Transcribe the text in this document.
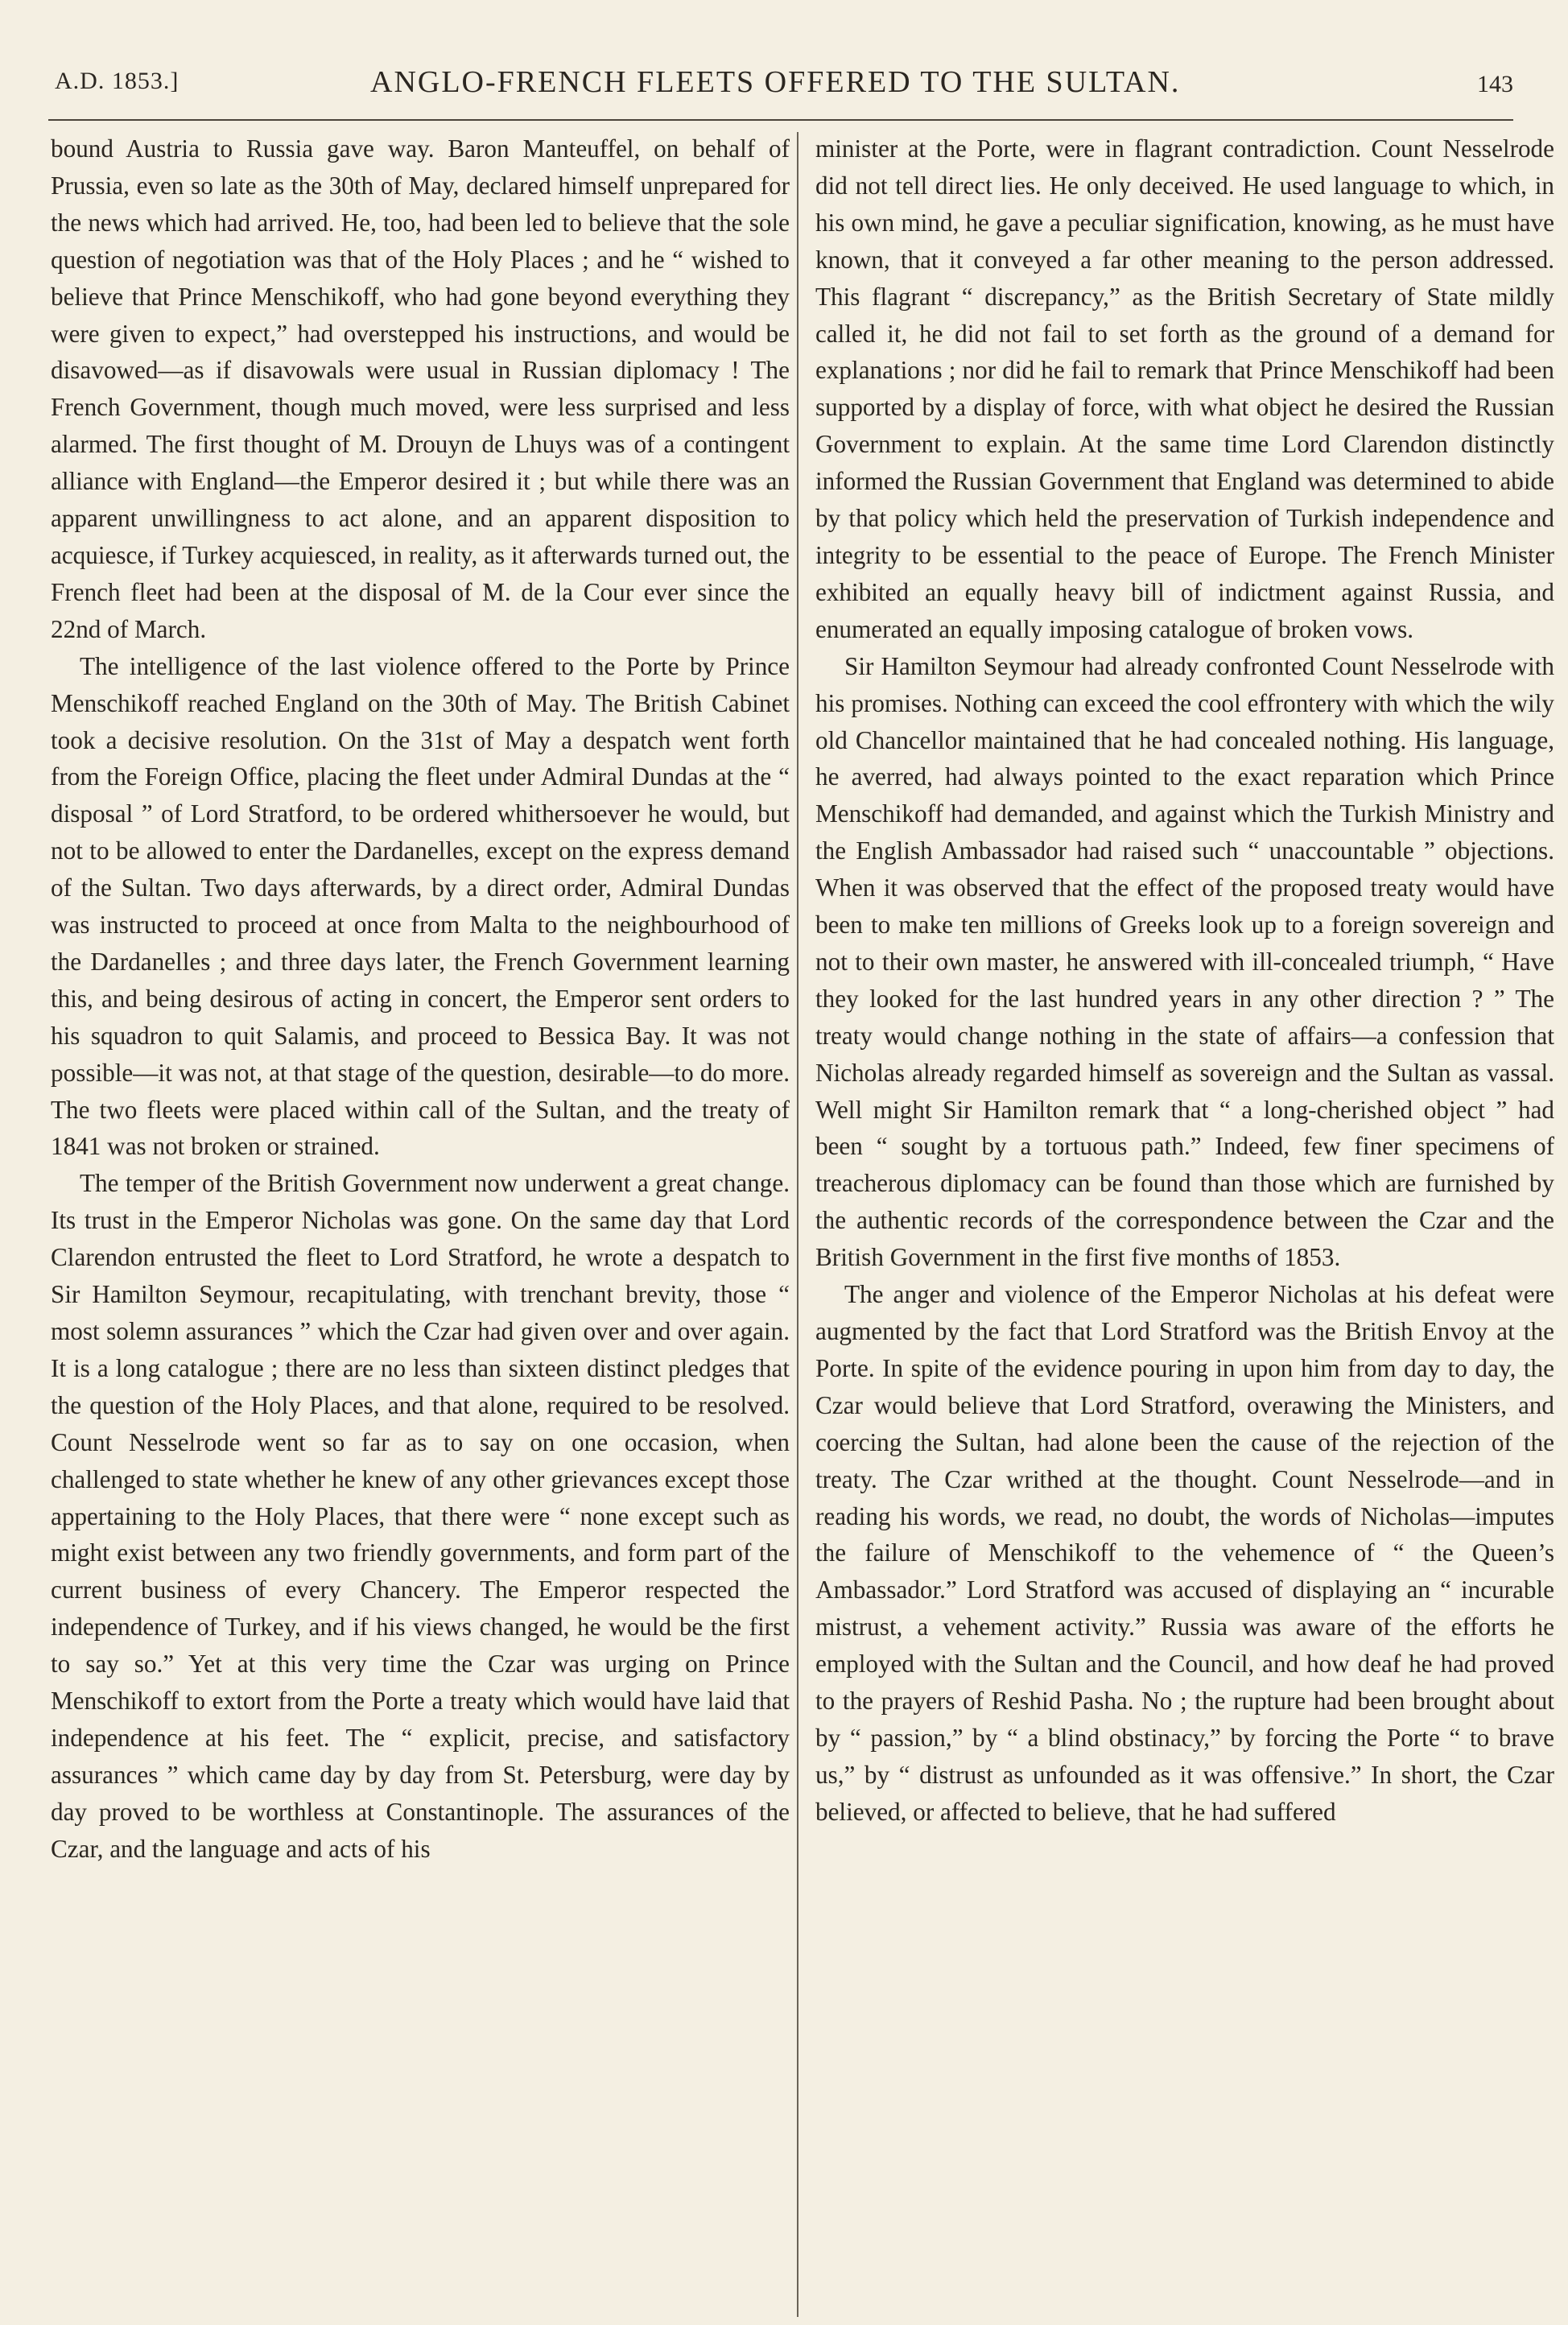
A.D. 1853.]	ANGLO-FRENCH FLEETS OFFERED TO THE SULTAN.	143

bound Austria to Russia gave way. Baron Manteuffel, on behalf of Prussia, even so late as the 30th of May, declared himself unprepared for the news which had arrived. He, too, had been led to believe that the sole question of negotiation was that of the Holy Places ; and he “ wished to believe that Prince Menschikoff, who had gone beyond everything they were given to expect,” had overstepped his instructions, and would be disavowed—as if disavowals were usual in Russian diplomacy ! The French Government, though much moved, were less surprised and less alarmed. The first thought of M. Drouyn de Lhuys was of a contingent alliance with England—the Emperor desired it ; but while there was an apparent unwillingness to act alone, and an apparent disposition to acquiesce, if Turkey acquiesced, in reality, as it afterwards turned out, the French fleet had been at the disposal of M. de la Cour ever since the 22nd of March.

The intelligence of the last violence offered to the Porte by Prince Menschikoff reached England on the 30th of May. The British Cabinet took a decisive resolution. On the 31st of May a despatch went forth from the Foreign Office, placing the fleet under Admiral Dundas at the “ disposal ” of Lord Stratford, to be ordered whithersoever he would, but not to be allowed to enter the Dardanelles, except on the express demand of the Sultan. Two days afterwards, by a direct order, Admiral Dundas was instructed to proceed at once from Malta to the neighbourhood of the Dardanelles ; and three days later, the French Government learning this, and being desirous of acting in concert, the Emperor sent orders to his squadron to quit Salamis, and proceed to Bessica Bay. It was not possible—it was not, at that stage of the question, desirable—to do more. The two fleets were placed within call of the Sultan, and the treaty of 1841 was not broken or strained.

The temper of the British Government now underwent a great change. Its trust in the Emperor Nicholas was gone. On the same day that Lord Clarendon entrusted the fleet to Lord Stratford, he wrote a despatch to Sir Hamilton Seymour, recapitulating, with trenchant brevity, those “ most solemn assurances ” which the Czar had given over and over again. It is a long catalogue ; there are no less than sixteen distinct pledges that the question of the Holy Places, and that alone, required to be resolved. Count Nesselrode went so far as to say on one occasion, when challenged to state whether he knew of any other grievances except those appertaining to the Holy Places, that there were “ none except such as might exist between any two friendly governments, and form part of the current business of every Chancery. The Emperor respected the independence of Turkey, and if his views changed, he would be the first to say so.” Yet at this very time the Czar was urging on Prince Menschikoff to extort from the Porte a treaty which would have laid that independence at his feet. The “ explicit, precise, and satisfactory assurances ” which came day by day from St. Petersburg, were day by day proved to be worthless at Constantinople. The assurances of the Czar, and the language and acts of his

minister at the Porte, were in flagrant contradiction. Count Nesselrode did not tell direct lies. He only deceived. He used language to which, in his own mind, he gave a peculiar signification, knowing, as he must have known, that it conveyed a far other meaning to the person addressed. This flagrant “ discrepancy,” as the British Secretary of State mildly called it, he did not fail to set forth as the ground of a demand for explanations ; nor did he fail to remark that Prince Menschikoff had been supported by a display of force, with what object he desired the Russian Government to explain. At the same time Lord Clarendon distinctly informed the Russian Government that England was determined to abide by that policy which held the preservation of Turkish independence and integrity to be essential to the peace of Europe. The French Minister exhibited an equally heavy bill of indictment against Russia, and enumerated an equally imposing catalogue of broken vows.

Sir Hamilton Seymour had already confronted Count Nesselrode with his promises. Nothing can exceed the cool effrontery with which the wily old Chancellor maintained that he had concealed nothing. His language, he averred, had always pointed to the exact reparation which Prince Menschikoff had demanded, and against which the Turkish Ministry and the English Ambassador had raised such “ unaccountable ” objections. When it was observed that the effect of the proposed treaty would have been to make ten millions of Greeks look up to a foreign sovereign and not to their own master, he answered with ill-concealed triumph, “ Have they looked for the last hundred years in any other direction ? ” The treaty would change nothing in the state of affairs—a confession that Nicholas already regarded himself as sovereign and the Sultan as vassal. Well might Sir Hamilton remark that “ a long-cherished object ” had been “ sought by a tortuous path.” Indeed, few finer specimens of treacherous diplomacy can be found than those which are furnished by the authentic records of the correspondence between the Czar and the British Government in the first five months of 1853.

The anger and violence of the Emperor Nicholas at his defeat were augmented by the fact that Lord Stratford was the British Envoy at the Porte. In spite of the evidence pouring in upon him from day to day, the Czar would believe that Lord Stratford, overawing the Ministers, and coercing the Sultan, had alone been the cause of the rejection of the treaty. The Czar writhed at the thought. Count Nesselrode—and in reading his words, we read, no doubt, the words of Nicholas—imputes the failure of Menschikoff to the vehemence of “ the Queen’s Ambassador.” Lord Stratford was accused of displaying an “ incurable mistrust, a vehement activity.” Russia was aware of the efforts he employed with the Sultan and the Council, and how deaf he had proved to the prayers of Reshid Pasha. No ; the rupture had been brought about by “ passion,” by “ a blind obstinacy,” by forcing the Porte “ to brave us,” by “ distrust as unfounded as it was offensive.” In short, the Czar believed, or affected to believe, that he had suffered
